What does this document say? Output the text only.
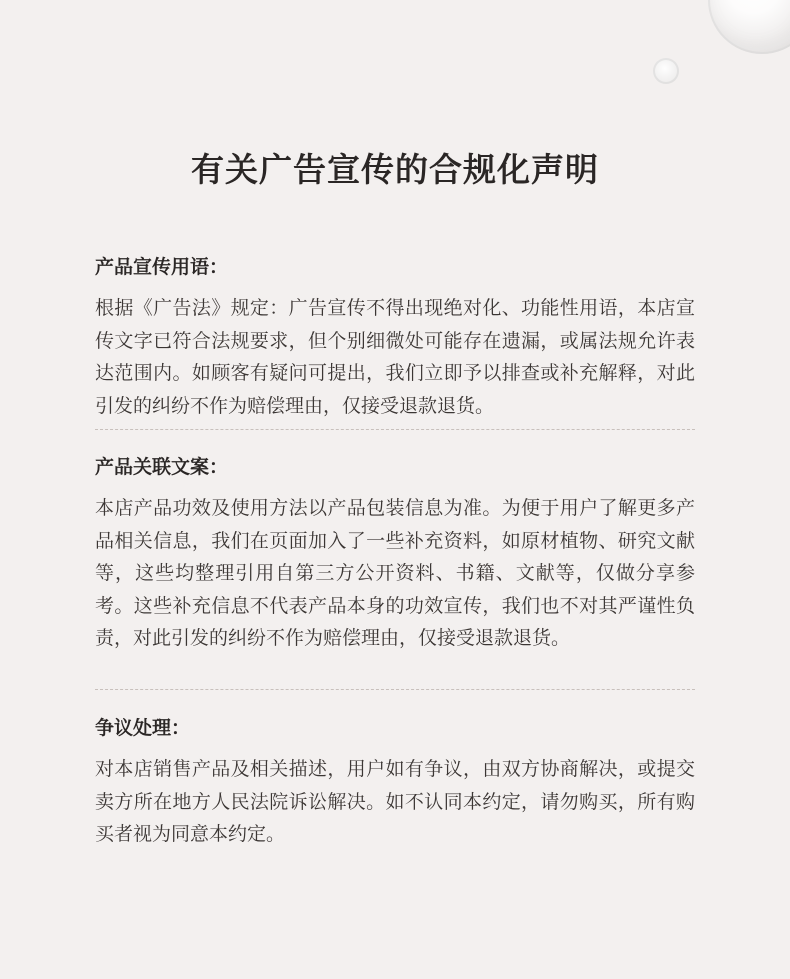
有关广告宣传的合规化声明
产品宣传用语：

根据《广告法》规定：广告宣传不得出现绝对化、功能性用语，本店宣传文字已符合法规要求，但个别细微处可能存在遗漏，或属法规允许表达范围内。如顾客有疑问可提出，我们立即予以排查或补充解释，对此引发的纠纷不作为赔偿理由，仅接受退款退货。

产品关联文案：

本店产品功效及使用方法以产品包装信息为准。为便于用户了解更多产品相关信息，我们在页面加入了一些补充资料，如原材植物、研究文献等，这些均整理引用自第三方公开资料、书籍、文献等，仅做分享参考。这些补充信息不代表产品本身的功效宣传，我们也不对其严谨性负责，对此引发的纠纷不作为赔偿理由，仅接受退款退货。

争议处理：

对本店销售产品及相关描述，用户如有争议，由双方协商解决，或提交卖方所在地方人民法院诉讼解决。如不认同本约定，请勿购买，所有购买者视为同意本约定。
